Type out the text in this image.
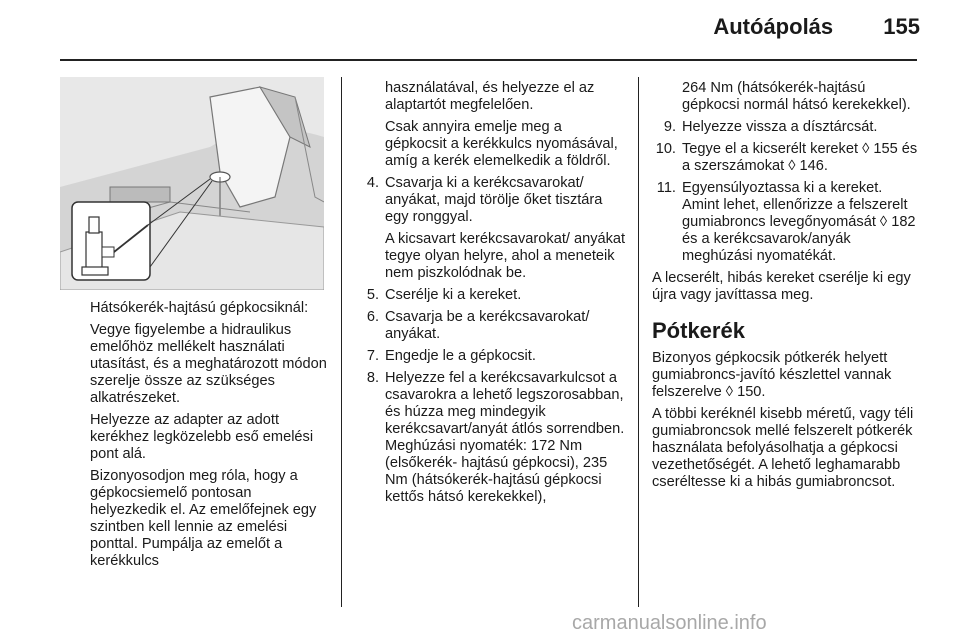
Autóápolás 155

Hátsókerék-hajtású gépkocsiknál:

Vegye figyelembe a hidraulikus emelőhöz mellékelt használati utasítást, és a meghatározott módon szerelje össze az szükséges alkatrészeket.

Helyezze az adapter az adott kerékhez legközelebb eső emelési pont alá.

Bizonyosodjon meg róla, hogy a gépkocsiemelő pontosan helyezkedik el. Az emelőfejnek egy szintben kell lennie az emelési ponttal. Pumpálja az emelőt a kerékkulcs

használatával, és helyezze el az alaptartót megfelelően.

Csak annyira emelje meg a gépkocsit a kerékkulcs nyomásával, amíg a kerék elemelkedik a földről.

4. Csavarja ki a kerékcsavarokat/ anyákat, majd törölje őket tisztára egy ronggyal.

A kicsavart kerékcsavarokat/ anyákat tegye olyan helyre, ahol a meneteik nem piszkolódnak be.

5. Cserélje ki a kereket.
6. Csavarja be a kerékcsavarokat/ anyákat.
7. Engedje le a gépkocsit.
8. Helyezze fel a kerékcsavarkulcsot a csavarokra a lehető legszorosabban, és húzza meg mindegyik kerékcsavart/anyát átlós sorrendben. Meghúzási nyomaték: 172 Nm (elsőkerék- hajtású gépkocsi), 235 Nm (hátsókerék-hajtású gépkocsi kettős hátsó kerekekkel),

264 Nm (hátsókerék-hajtású gépkocsi normál hátsó kerekekkel).

9. Helyezze vissza a dísztárcsát.
10. Tegye el a kicserélt kereket ◊ 155 és a szerszámokat ◊ 146.
11. Egyensúlyoztassa ki a kereket. Amint lehet, ellenőrizze a felszerelt gumiabroncs levegőnyomását ◊ 182 és a kerékcsavarok/anyák meghúzási nyomatékát.

A lecserélt, hibás kereket cserélje ki egy újra vagy javíttassa meg.

Pótkerék

Bizonyos gépkocsik pótkerék helyett gumiabroncs-javító készlettel vannak felszerelve ◊ 150.

A többi keréknél kisebb méretű, vagy téli gumiabroncsok mellé felszerelt pótkerék használata befolyásolhatja a gépkocsi vezethetőségét. A lehető leghamarabb cseréltesse ki a hibás gumiabroncsot.

carmanualsonline.info
